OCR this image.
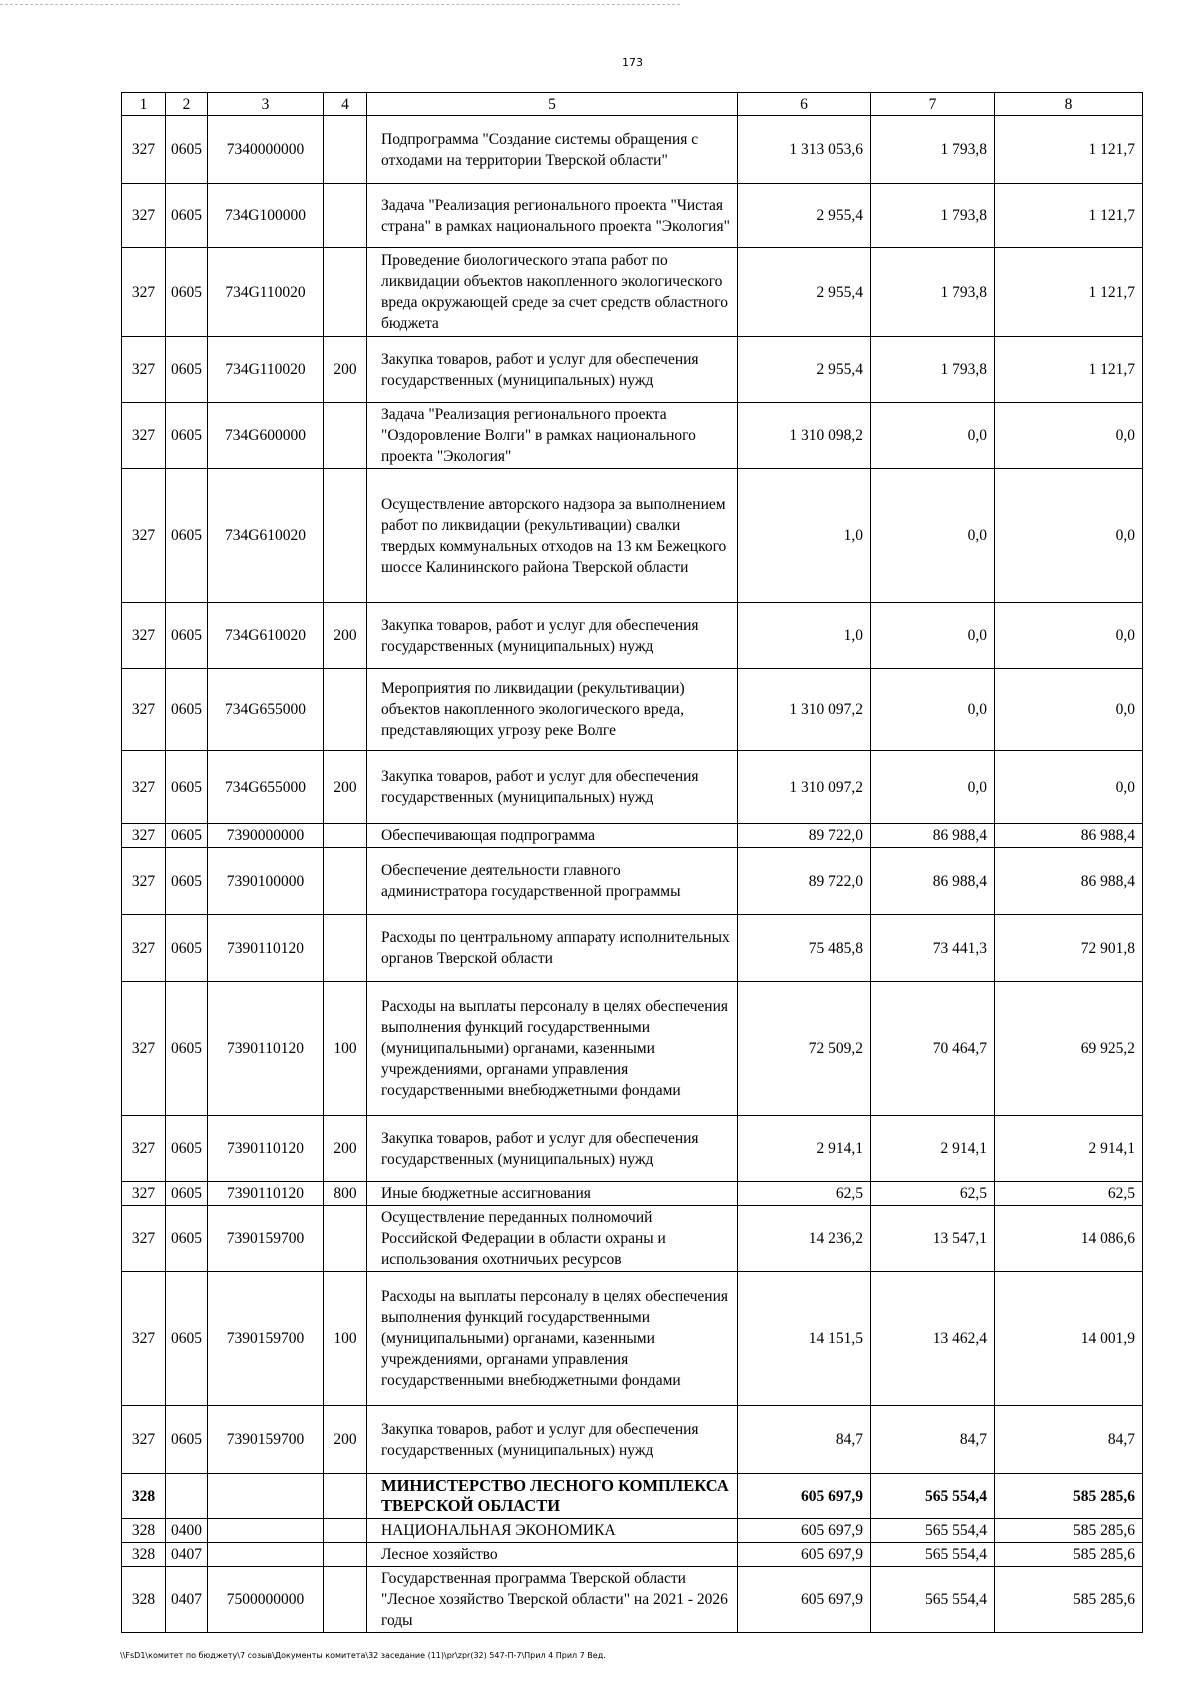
173
1	2	3	4	5	6	7	8
327	0605	7340000000		Подпрограмма "Создание системы обращения с отходами на территории Тверской области"	1 313 053,6	1 793,8	1 121,7
327	0605	734G100000		Задача "Реализация регионального проекта "Чистая страна" в рамках национального проекта "Экология"	2 955,4	1 793,8	1 121,7
327	0605	734G110020		Проведение биологического этапа работ по ликвидации объектов накопленного экологического вреда окружающей среде за счет средств областного бюджета	2 955,4	1 793,8	1 121,7
327	0605	734G110020	200	Закупка товаров, работ и услуг для обеспечения государственных (муниципальных) нужд	2 955,4	1 793,8	1 121,7
327	0605	734G600000		Задача "Реализация регионального проекта "Оздоровление Волги" в рамках национального проекта "Экология"	1 310 098,2	0,0	0,0
327	0605	734G610020		Осуществление авторского надзора за выполнением работ по ликвидации (рекультивации) свалки твердых коммунальных отходов на 13 км Бежецкого шоссе Калининского района Тверской области	1,0	0,0	0,0
327	0605	734G610020	200	Закупка товаров, работ и услуг для обеспечения государственных (муниципальных) нужд	1,0	0,0	0,0
327	0605	734G655000		Мероприятия по ликвидации (рекультивации) объектов накопленного экологического вреда, представляющих угрозу реке Волге	1 310 097,2	0,0	0,0
327	0605	734G655000	200	Закупка товаров, работ и услуг для обеспечения государственных (муниципальных) нужд	1 310 097,2	0,0	0,0
327	0605	7390000000		Обеспечивающая подпрограмма	89 722,0	86 988,4	86 988,4
327	0605	7390100000		Обеспечение деятельности главного администратора государственной программы	89 722,0	86 988,4	86 988,4
327	0605	7390110120		Расходы по центральному аппарату исполнительных органов Тверской области	75 485,8	73 441,3	72 901,8
327	0605	7390110120	100	Расходы на выплаты персоналу в целях обеспечения выполнения функций государственными (муниципальными) органами, казенными учреждениями, органами управления государственными внебюджетными фондами	72 509,2	70 464,7	69 925,2
327	0605	7390110120	200	Закупка товаров, работ и услуг для обеспечения государственных (муниципальных) нужд	2 914,1	2 914,1	2 914,1
327	0605	7390110120	800	Иные бюджетные ассигнования	62,5	62,5	62,5
327	0605	7390159700		Осуществление переданных полномочий Российской Федерации в области охраны и использования охотничьих ресурсов	14 236,2	13 547,1	14 086,6
327	0605	7390159700	100	Расходы на выплаты персоналу в целях обеспечения выполнения функций государственными (муниципальными) органами, казенными учреждениями, органами управления государственными внебюджетными фондами	14 151,5	13 462,4	14 001,9
327	0605	7390159700	200	Закупка товаров, работ и услуг для обеспечения государственных (муниципальных) нужд	84,7	84,7	84,7
328				МИНИСТЕРСТВО ЛЕСНОГО КОМПЛЕКСА ТВЕРСКОЙ ОБЛАСТИ	605 697,9	565 554,4	585 285,6
328	0400			НАЦИОНАЛЬНАЯ ЭКОНОМИКА	605 697,9	565 554,4	585 285,6
328	0407			Лесное хозяйство	605 697,9	565 554,4	585 285,6
328	0407	7500000000		Государственная программа Тверской области "Лесное хозяйство Тверской области" на 2021 - 2026 годы	605 697,9	565 554,4	585 285,6
\\FsD1\комитет по бюджету\7 созыв\Документы комитета\32 заседание (11)\pr\zpr(32) 547-П-7\Прил 4 Прил 7 Вед.
